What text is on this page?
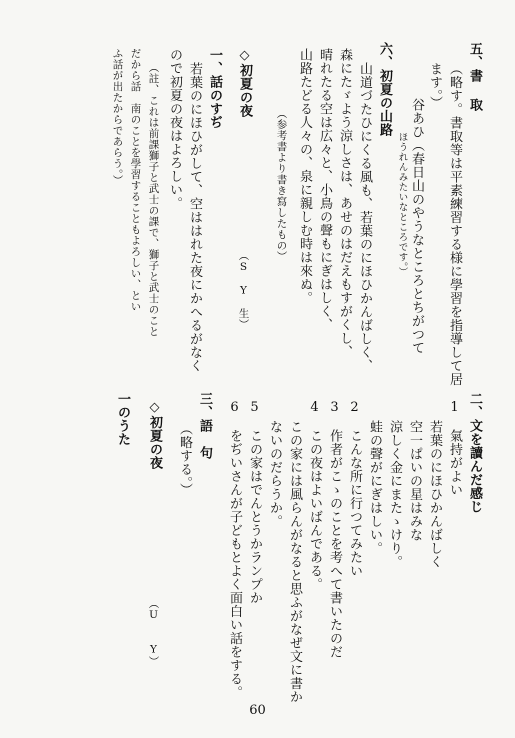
五、書 取
（略す。書取等は平素練習する様に學習を指導して居
ます。）
谷あひ（春日山のやうなところとちがつて
ほうれんみたいなところです。）
六、初夏の山路
山道づたひにくる風も、若葉のにほひかんばしく、
森にたゞよう涼しさは、あせのはだえもすがくし、
晴れたる空は広々と、小鳥の聲もにぎはしく、
山路たどる人々の、泉に親しむ時は來ぬ。
（参考書より書き寫したもの）
◇初夏の夜
（S　Y　生）
一、話のすぢ
若葉のにほひがして、空ははれた夜にかへるがなく
ので初夏の夜はよろしい。
（註、これは前課獅子と武士の課で、獅子と武士のこと
だから話　南のことを學習することもよろしい、とい
ふ話が出たからであらう。）
二、文を讀んだ感じ
1　氣持がよい
若葉のにほひかんばしく
空一ぱいの星はみな
涼しく金にまたゝけり。
蛙の聲がにぎはしい。
2　こんな所に行つてみたい
3　作者がこゝのことを考へて書いたのだ
4　この夜はよいばんである。
この家には風らんがなると思ふがなぜ文に書か
ないのだらうか。
5　この家はでんとうかランプか
6　をぢいさんが子どもとよく面白い話をする。
三、語　句
（略する。）
◇初夏の夜
（U　　Y）
一のうた
60
